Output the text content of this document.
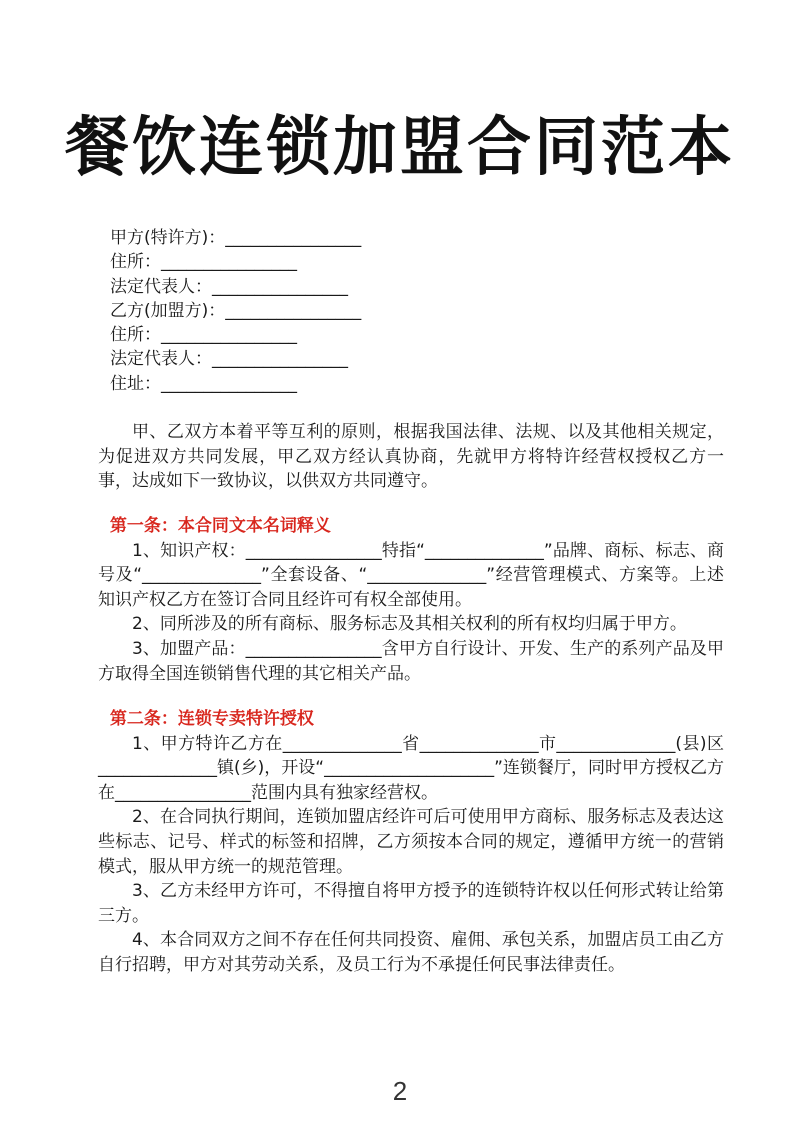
餐饮连锁加盟合同范本
甲方(特许方)：________________
住所：________________
法定代表人：________________
乙方(加盟方)：________________
住所：________________
法定代表人：________________
住址：________________

甲、乙双方本着平等互利的原则，根据我国法律、法规、以及其他相关规定，为促进双方共同发展，甲乙双方经认真协商，先就甲方将特许经营权授权乙方一事，达成如下一致协议，以供双方共同遵守。

第一条：本合同文本名词释义

1、知识产权：________________特指“______________”品牌、商标、标志、商号及“______________”全套设备、“______________”经营管理模式、方案等。上述知识产权乙方在签订合同且经许可有权全部使用。

2、同所涉及的所有商标、服务标志及其相关权利的所有权均归属于甲方。

3、加盟产品：________________含甲方自行设计、开发、生产的系列产品及甲方取得全国连锁销售代理的其它相关产品。

第二条：连锁专卖特许授权

1、甲方特许乙方在______________省______________市______________(县)区______________镇(乡)，开设“____________________”连锁餐厅，同时甲方授权乙方在________________范围内具有独家经营权。

2、在合同执行期间，连锁加盟店经许可后可使用甲方商标、服务标志及表达这些标志、记号、样式的标签和招牌，乙方须按本合同的规定，遵循甲方统一的营销模式，服从甲方统一的规范管理。

3、乙方未经甲方许可，不得擅自将甲方授予的连锁特许权以任何形式转让给第三方。

4、本合同双方之间不存在任何共同投资、雇佣、承包关系，加盟店员工由乙方自行招聘，甲方对其劳动关系，及员工行为不承提任何民事法律责任。

2
